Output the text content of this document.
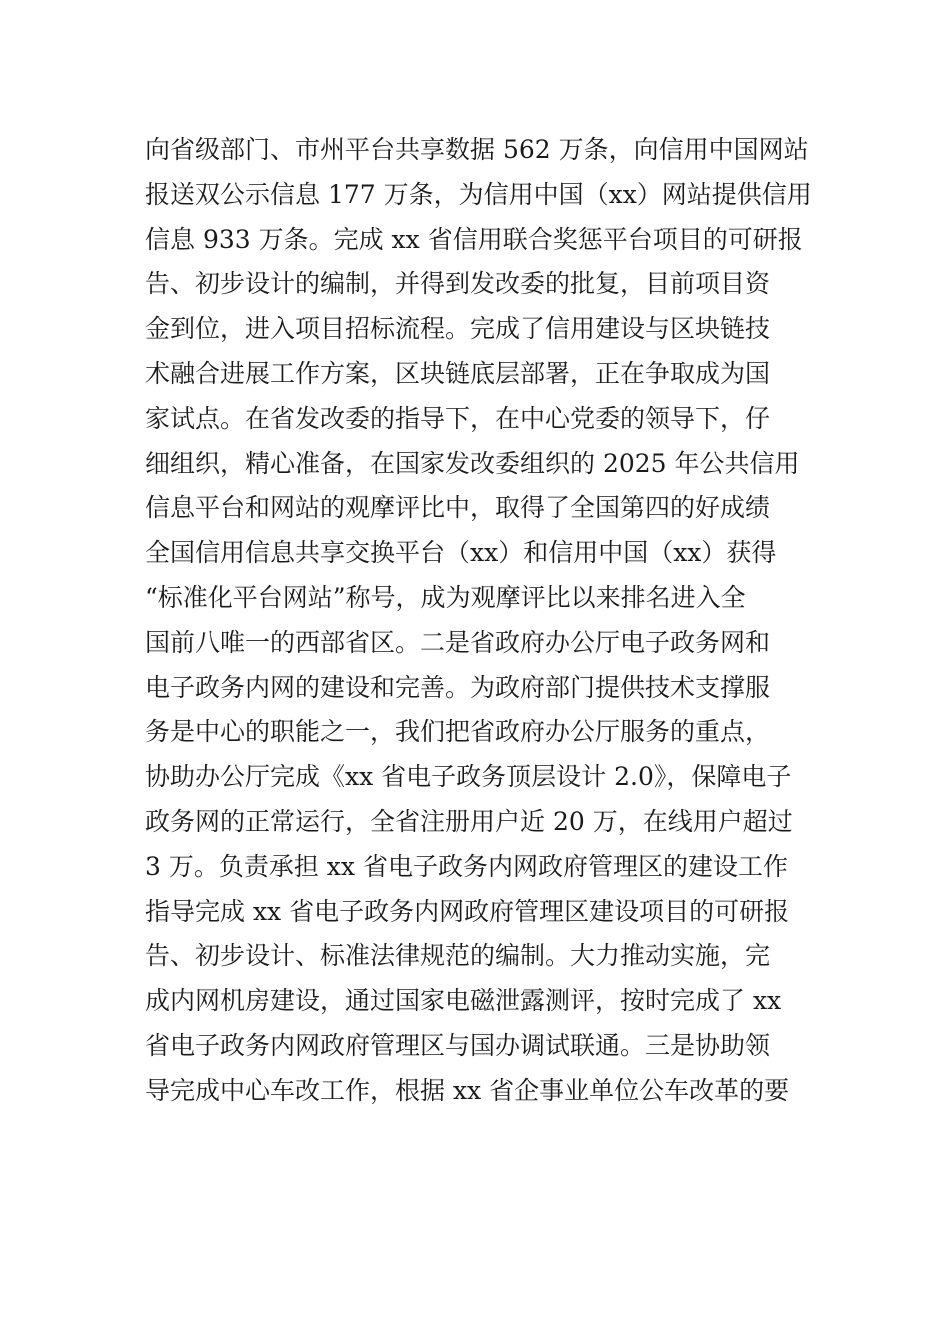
向省级部门、市州平台共享数据 562 万条，向信用中国网站
报送双公示信息 177 万条，为信用中国（xx）网站提供信用
信息 933 万条。完成 xx 省信用联合奖惩平台项目的可研报
告、初步设计的编制，并得到发改委的批复，目前项目资
金到位，进入项目招标流程。完成了信用建设与区块链技
术融合进展工作方案，区块链底层部署，正在争取成为国
家试点。在省发改委的指导下，在中心党委的领导下，仔
细组织，精心准备，在国家发改委组织的 2025 年公共信用
信息平台和网站的观摩评比中，取得了全国第四的好成绩
全国信用信息共享交换平台（xx）和信用中国（xx）获得
“标准化平台网站”称号，成为观摩评比以来排名进入全
国前八唯一的西部省区。二是省政府办公厅电子政务网和
电子政务内网的建设和完善。为政府部门提供技术支撑服
务是中心的职能之一，我们把省政府办公厅服务的重点，
协助办公厅完成《xx 省电子政务顶层设计 2.0》，保障电子
政务网的正常运行，全省注册用户近 20 万，在线用户超过
3 万。负责承担 xx 省电子政务内网政府管理区的建设工作
指导完成 xx 省电子政务内网政府管理区建设项目的可研报
告、初步设计、标准法律规范的编制。大力推动实施，完
成内网机房建设，通过国家电磁泄露测评，按时完成了 xx
省电子政务内网政府管理区与国办调试联通。三是协助领
导完成中心车改工作，根据 xx 省企事业单位公车改革的要
